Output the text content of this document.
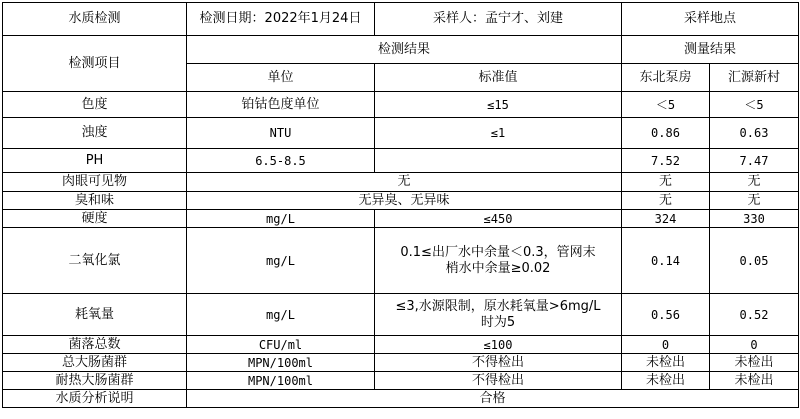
水质检测	检测日期：2022年1月24日	采样人：孟宁才、刘建	采样地点	
检测项目	检测结果		测量结果	
	单位	标准值	东北泵房	汇源新村
色度	铂钴色度单位	≤15	＜5	＜5
浊度	NTU	≤1	0.86	0.63
PH	6.5-8.5		7.52	7.47
肉眼可见物	无		无	无
臭和味	无异臭、无异味		无	无
硬度	mg/L	≤450	324	330
二氧化氯	mg/L	0.1≤出厂水中余量＜0.3，管网末
梢水中余量≥0.02	0.14	0.05
耗氧量	mg/L	≤3,水源限制，原水耗氧量>6mg/L
时为5	0.56	0.52
菌落总数	CFU/ml	≤100	0	0
总大肠菌群	MPN/100ml	不得检出	未检出	未检出
耐热大肠菌群	MPN/100ml	不得检出	未检出	未检出
水质分析说明	合格			
